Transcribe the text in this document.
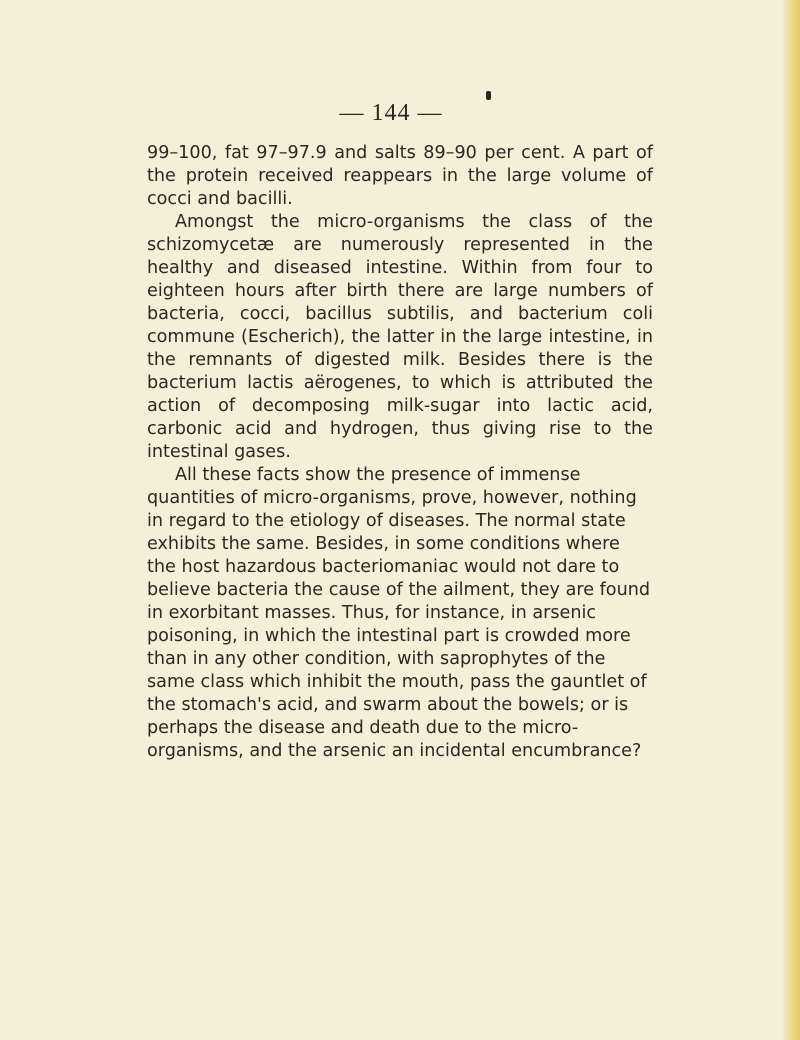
— 144 —

99–100, fat 97–97.9 and salts 89–90 per cent. A part of the protein received reappears in the large volume of cocci and bacilli.

Amongst the micro-organisms the class of the schizomycetæ are numerously represented in the healthy and diseased intestine. Within from four to eighteen hours after birth there are large numbers of bacteria, cocci, bacillus subtilis, and bacterium coli commune (Escherich), the latter in the large intestine, in the remnants of digested milk. Besides there is the bacterium lactis aërogenes, to which is attributed the action of decomposing milk-sugar into lactic acid, carbonic acid and hydrogen, thus giving rise to the intestinal gases.

All these facts show the presence of immense quantities of micro-organisms, prove, however, nothing in regard to the etiology of diseases. The normal state exhibits the same. Besides, in some conditions where the host hazardous bacteriomaniac would not dare to believe bacteria the cause of the ailment, they are found in exorbitant masses. Thus, for instance, in arsenic poisoning, in which the intestinal part is crowded more than in any other condition, with saprophytes of the same class which inhibit the mouth, pass the gauntlet of the stomach's acid, and swarm about the bowels; or is perhaps the disease and death due to the micro-organisms, and the arsenic an incidental encumbrance?
